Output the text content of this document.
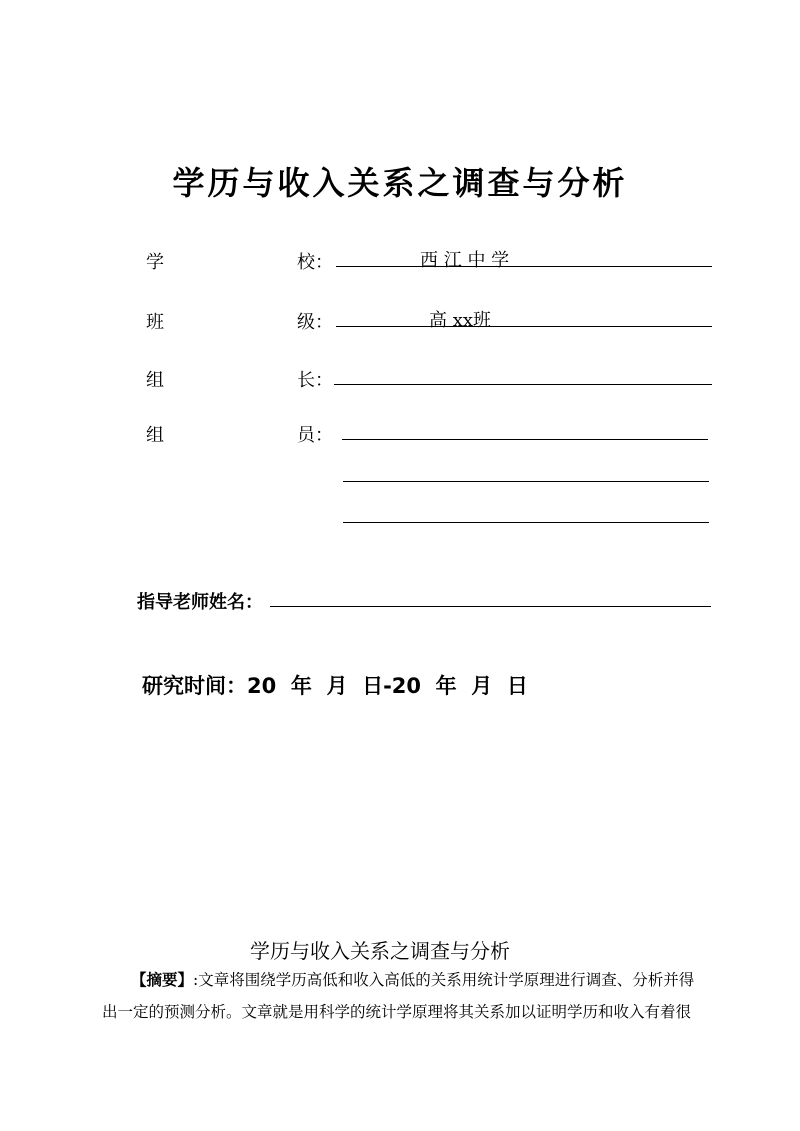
学历与收入关系之调查与分析
学	校：	西 江 中 学
班	级：	高 xx班
组	长：
组	员：
指导老师姓名：
研究时间：20  年  月  日-20  年  月  日
学历与收入关系之调查与分析
【摘要】:文章将围绕学历高低和收入高低的关系用统计学原理进行调查、分析并得
出一定的预测分析。文章就是用科学的统计学原理将其关系加以证明学历和收入有着很
